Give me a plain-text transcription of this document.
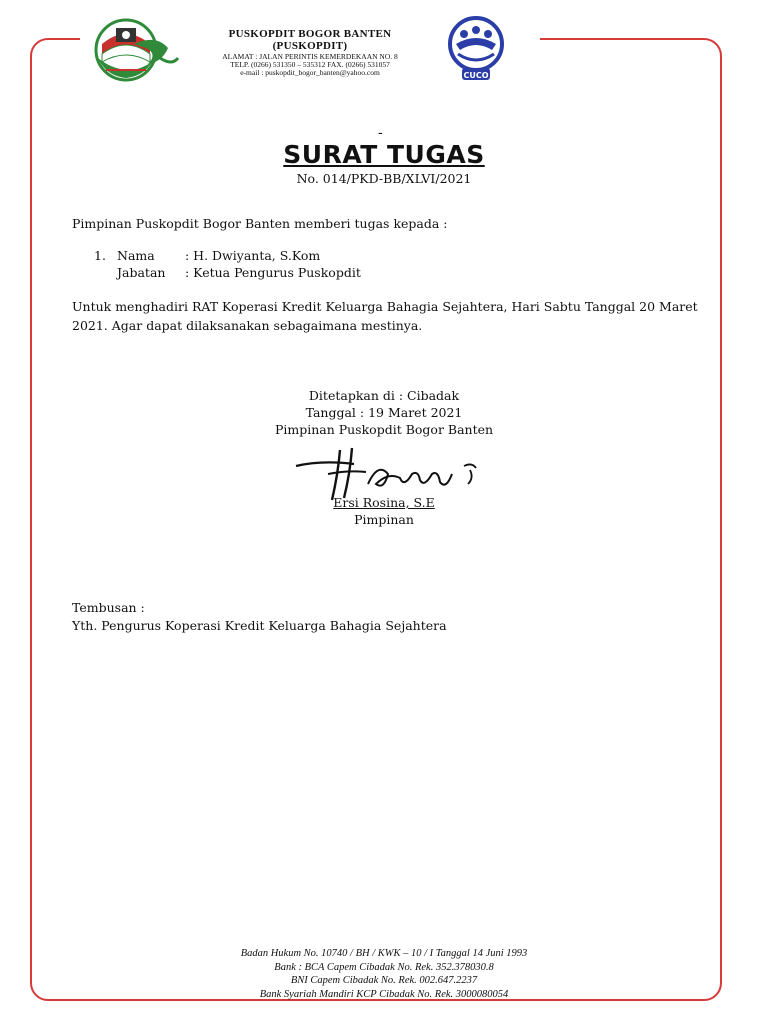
PUSKOPDIT BOGOR BANTEN
(PUSKOPDIT)
ALAMAT : JALAN PERINTIS KEMERDEKAAN NO. 8
TELP. (0266) 531350 – 535312 FAX. (0266) 531057
e-mail : puskopdit_bogor_banten@yahoo.com	CUCO
-
SURAT TUGAS
No. 014/PKD-BB/XLVI/2021
Pimpinan Puskopdit Bogor Banten memberi tugas kepada :
1. Nama : H. Dwiyanta, S.Kom
Jabatan : Ketua Pengurus Puskopdit
Untuk menghadiri RAT Koperasi Kredit Keluarga Bahagia Sejahtera, Hari Sabtu Tanggal 20 Maret
2021. Agar dapat dilaksanakan sebagaimana mestinya.
Ditetapkan di : Cibadak
Tanggal : 19 Maret 2021
Pimpinan Puskopdit Bogor Banten
Ersi Rosina, S.E
Pimpinan
Tembusan :
Yth. Pengurus Koperasi Kredit Keluarga Bahagia Sejahtera
Badan Hukum No. 10740 / BH / KWK – 10 / I Tanggal 14 Juni 1993
Bank : BCA Capem Cibadak No. Rek. 352.378030.8
BNI Capem Cibadak No. Rek. 002.647.2237
Bank Syariah Mandiri KCP Cibadak No. Rek. 3000080054
